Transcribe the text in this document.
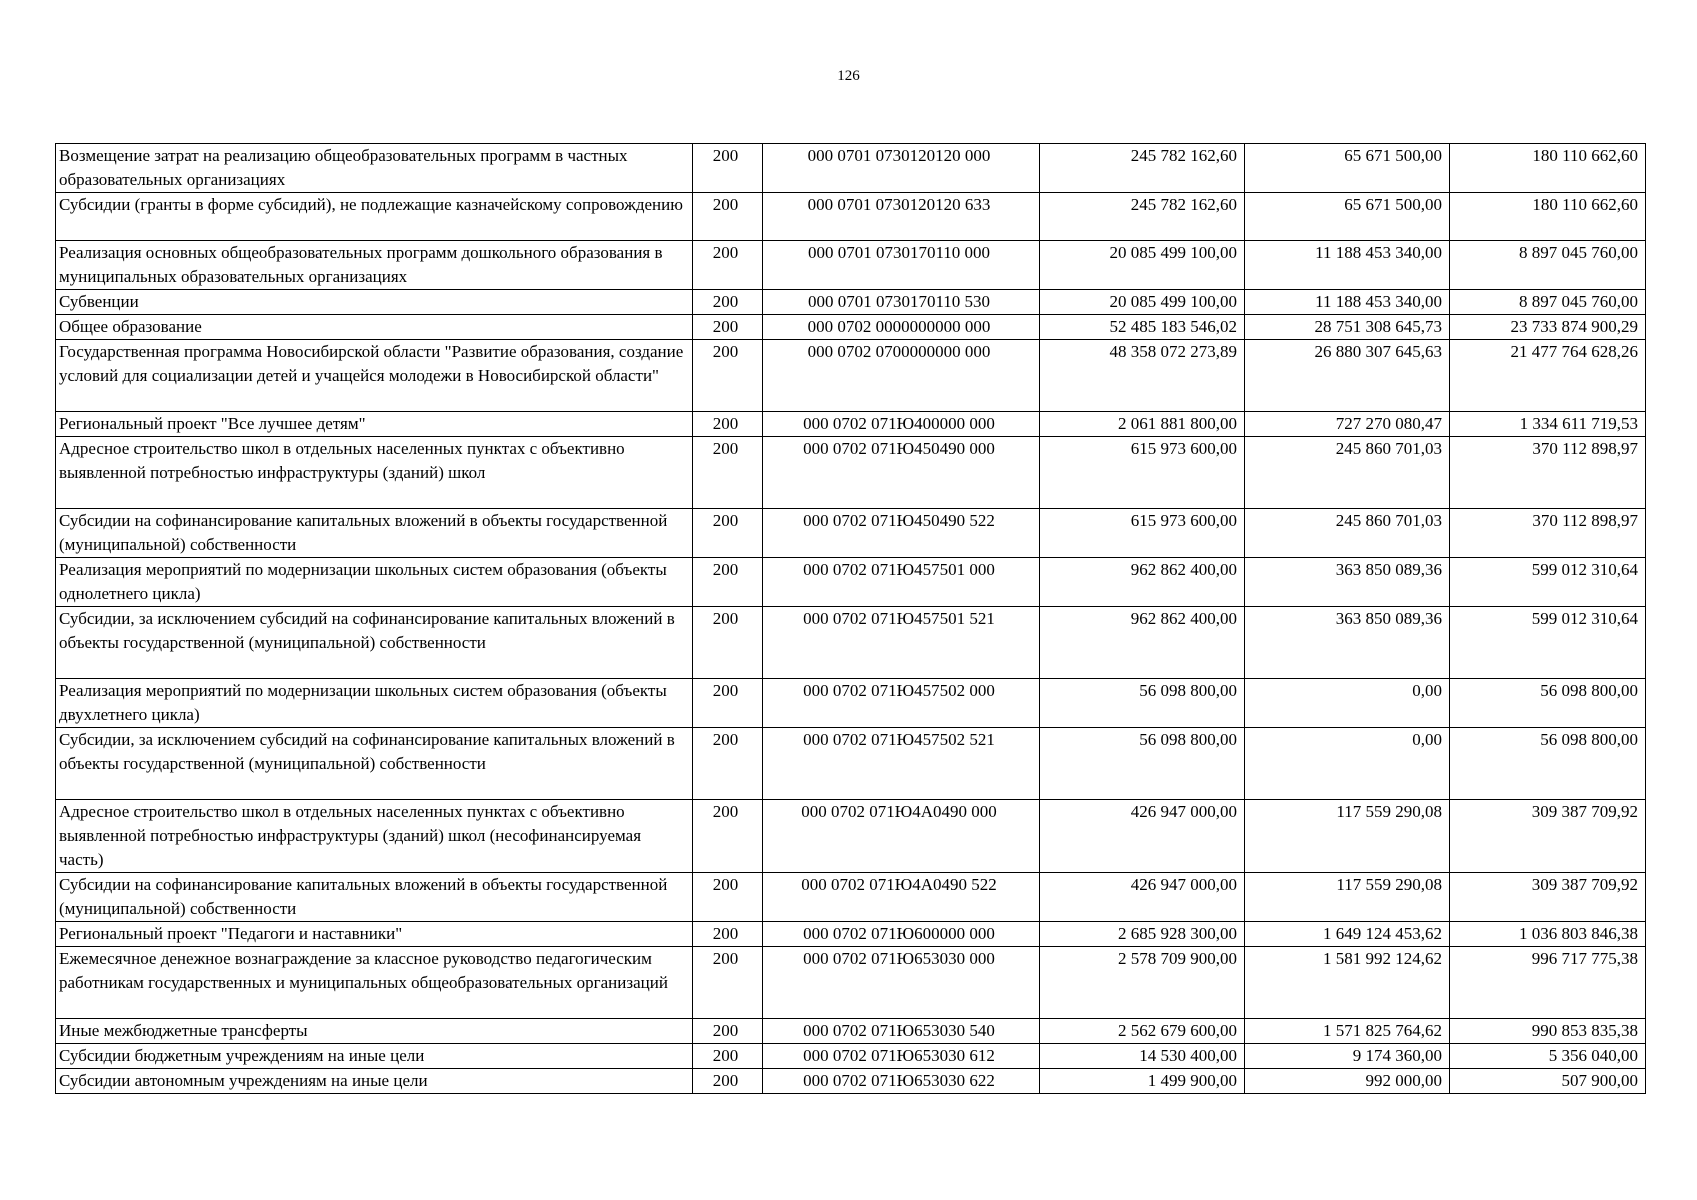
126
Возмещение затрат на реализацию общеобразовательных программ в частных образовательных организациях	200	000 0701 0730120120 000	245 782 162,60	65 671 500,00	180 110 662,60
Субсидии (гранты в форме субсидий), не подлежащие казначейскому сопровождению	200	000 0701 0730120120 633	245 782 162,60	65 671 500,00	180 110 662,60
Реализация основных общеобразовательных программ дошкольного образования в муниципальных образовательных организациях	200	000 0701 0730170110 000	20 085 499 100,00	11 188 453 340,00	8 897 045 760,00
Субвенции	200	000 0701 0730170110 530	20 085 499 100,00	11 188 453 340,00	8 897 045 760,00
Общее образование	200	000 0702 0000000000 000	52 485 183 546,02	28 751 308 645,73	23 733 874 900,29
Государственная программа Новосибирской области "Развитие образования, создание условий для социализации детей и учащейся молодежи в Новосибирской области"	200	000 0702 0700000000 000	48 358 072 273,89	26 880 307 645,63	21 477 764 628,26
Региональный проект "Все лучшее детям"	200	000 0702 071Ю400000 000	2 061 881 800,00	727 270 080,47	1 334 611 719,53
Адресное строительство школ в отдельных населенных пунктах с объективно выявленной потребностью инфраструктуры (зданий) школ	200	000 0702 071Ю450490 000	615 973 600,00	245 860 701,03	370 112 898,97
Субсидии на софинансирование капитальных вложений в объекты государственной (муниципальной) собственности	200	000 0702 071Ю450490 522	615 973 600,00	245 860 701,03	370 112 898,97
Реализация мероприятий по модернизации школьных систем образования (объекты однолетнего цикла)	200	000 0702 071Ю457501 000	962 862 400,00	363 850 089,36	599 012 310,64
Субсидии, за исключением субсидий на софинансирование капитальных вложений в объекты государственной (муниципальной) собственности	200	000 0702 071Ю457501 521	962 862 400,00	363 850 089,36	599 012 310,64
Реализация мероприятий по модернизации школьных систем образования (объекты двухлетнего цикла)	200	000 0702 071Ю457502 000	56 098 800,00	0,00	56 098 800,00
Субсидии, за исключением субсидий на софинансирование капитальных вложений в объекты государственной (муниципальной) собственности	200	000 0702 071Ю457502 521	56 098 800,00	0,00	56 098 800,00
Адресное строительство школ в отдельных населенных пунктах с объективно выявленной потребностью инфраструктуры (зданий) школ (несофинансируемая часть)	200	000 0702 071Ю4А0490 000	426 947 000,00	117 559 290,08	309 387 709,92
Субсидии на софинансирование капитальных вложений в объекты государственной (муниципальной) собственности	200	000 0702 071Ю4А0490 522	426 947 000,00	117 559 290,08	309 387 709,92
Региональный проект "Педагоги и наставники"	200	000 0702 071Ю600000 000	2 685 928 300,00	1 649 124 453,62	1 036 803 846,38
Ежемесячное денежное вознаграждение за классное руководство педагогическим работникам государственных и муниципальных общеобразовательных организаций	200	000 0702 071Ю653030 000	2 578 709 900,00	1 581 992 124,62	996 717 775,38
Иные межбюджетные трансферты	200	000 0702 071Ю653030 540	2 562 679 600,00	1 571 825 764,62	990 853 835,38
Субсидии бюджетным учреждениям на иные цели	200	000 0702 071Ю653030 612	14 530 400,00	9 174 360,00	5 356 040,00
Субсидии автономным учреждениям на иные цели	200	000 0702 071Ю653030 622	1 499 900,00	992 000,00	507 900,00
